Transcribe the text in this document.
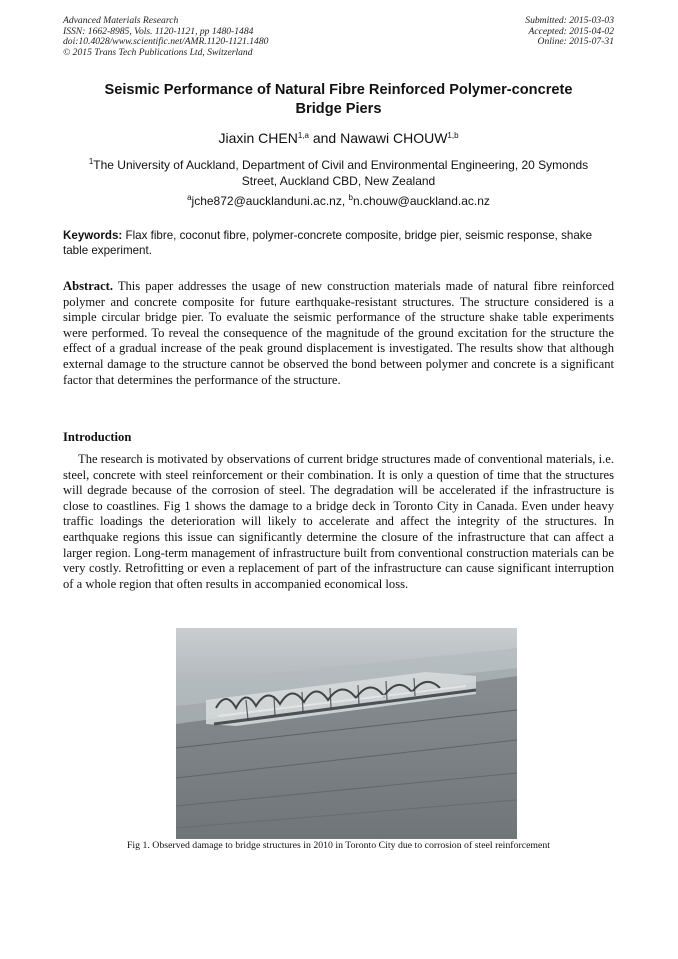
Advanced Materials Research
ISSN: 1662-8985, Vols. 1120-1121, pp 1480-1484
doi:10.4028/www.scientific.net/AMR.1120-1121.1480
© 2015 Trans Tech Publications Ltd, Switzerland
Submitted: 2015-03-03
Accepted: 2015-04-02
Online: 2015-07-31
Seismic Performance of Natural Fibre Reinforced Polymer-concrete
Bridge Piers
Jiaxin CHEN$^{1,a}$ and Nawawi CHOUW$^{1,b}$
$^1$The University of Auckland, Department of Civil and Environmental Engineering, 20 Symonds Street, Auckland CBD, New Zealand
$^a$jche872@aucklanduni.ac.nz, $^b$n.chouw@auckland.ac.nz
Keywords: Flax fibre, coconut fibre, polymer-concrete composite, bridge pier, seismic response, shake table experiment.
Abstract. This paper addresses the usage of new construction materials made of natural fibre reinforced polymer and concrete composite for future earthquake-resistant structures. The structure considered is a simple circular bridge pier. To evaluate the seismic performance of the structure shake table experiments were performed. To reveal the consequence of the magnitude of the ground excitation for the structure the effect of a gradual increase of the peak ground displacement is investigated. The results show that although external damage to the structure cannot be observed the bond between polymer and concrete is a significant factor that determines the performance of the structure.
Introduction
The research is motivated by observations of current bridge structures made of conventional materials, i.e. steel, concrete with steel reinforcement or their combination. It is only a question of time that the structures will degrade because of the corrosion of steel. The degradation will be accelerated if the infrastructure is close to coastlines. Fig 1 shows the damage to a bridge deck in Toronto City in Canada. Even under heavy traffic loadings the deterioration will likely to accelerate and affect the integrity of the structures. In earthquake regions this issue can significantly determine the closure of the infrastructure that can affect a larger region. Long-term management of infrastructure built from conventional construction materials can be very costly. Retrofitting or even a replacement of part of the infrastructure can cause significant interruption of a whole region that often results in accompanied economical loss.
Fig 1. Observed damage to bridge structures in 2010 in Toronto City due to corrosion of steel reinforcement
